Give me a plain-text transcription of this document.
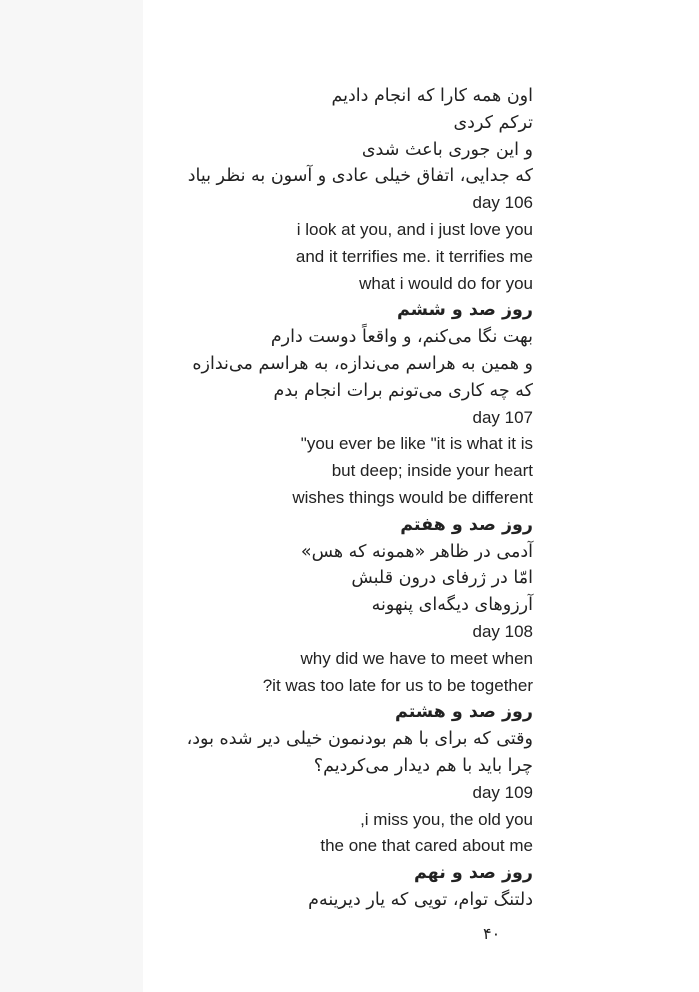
اون همه کارا که انجام دادیم
ترکم کردی
و این جوری باعث شدی
که جدایی، اتفاق خیلی عادی و آسون به نظر بیاد
day 106
i look at you, and i just love you
and it terrifies me. it terrifies me
what i would do for you
روز صد و ششم
بهت نگا می‌کنم، و واقعاً دوست دارم
و همین به هراسم می‌ندازه، به هراسم می‌ندازه
که چه کاری می‌تونم برات انجام بدم
day 107
"you ever be like "it is what it is
but deep; inside your heart
wishes things would be different
روز صد و هفتم
آدمی در ظاهر «همونه که هس»
امّا در ژرفای درون قلبش
آرزوهای دیگه‌ای پنهونه
day 108
why did we have to meet when
?it was too late for us to be together
روز صد و هشتم
وقتی که برای با هم بودنمون خیلی دیر شده بود،
چرا باید با هم دیدار می‌کردیم؟
day 109
,i miss you, the old you
the one that cared about me
روز صد و نهم
دلتنگ توام، تویی که یار دیرینه‌م
۴۰
